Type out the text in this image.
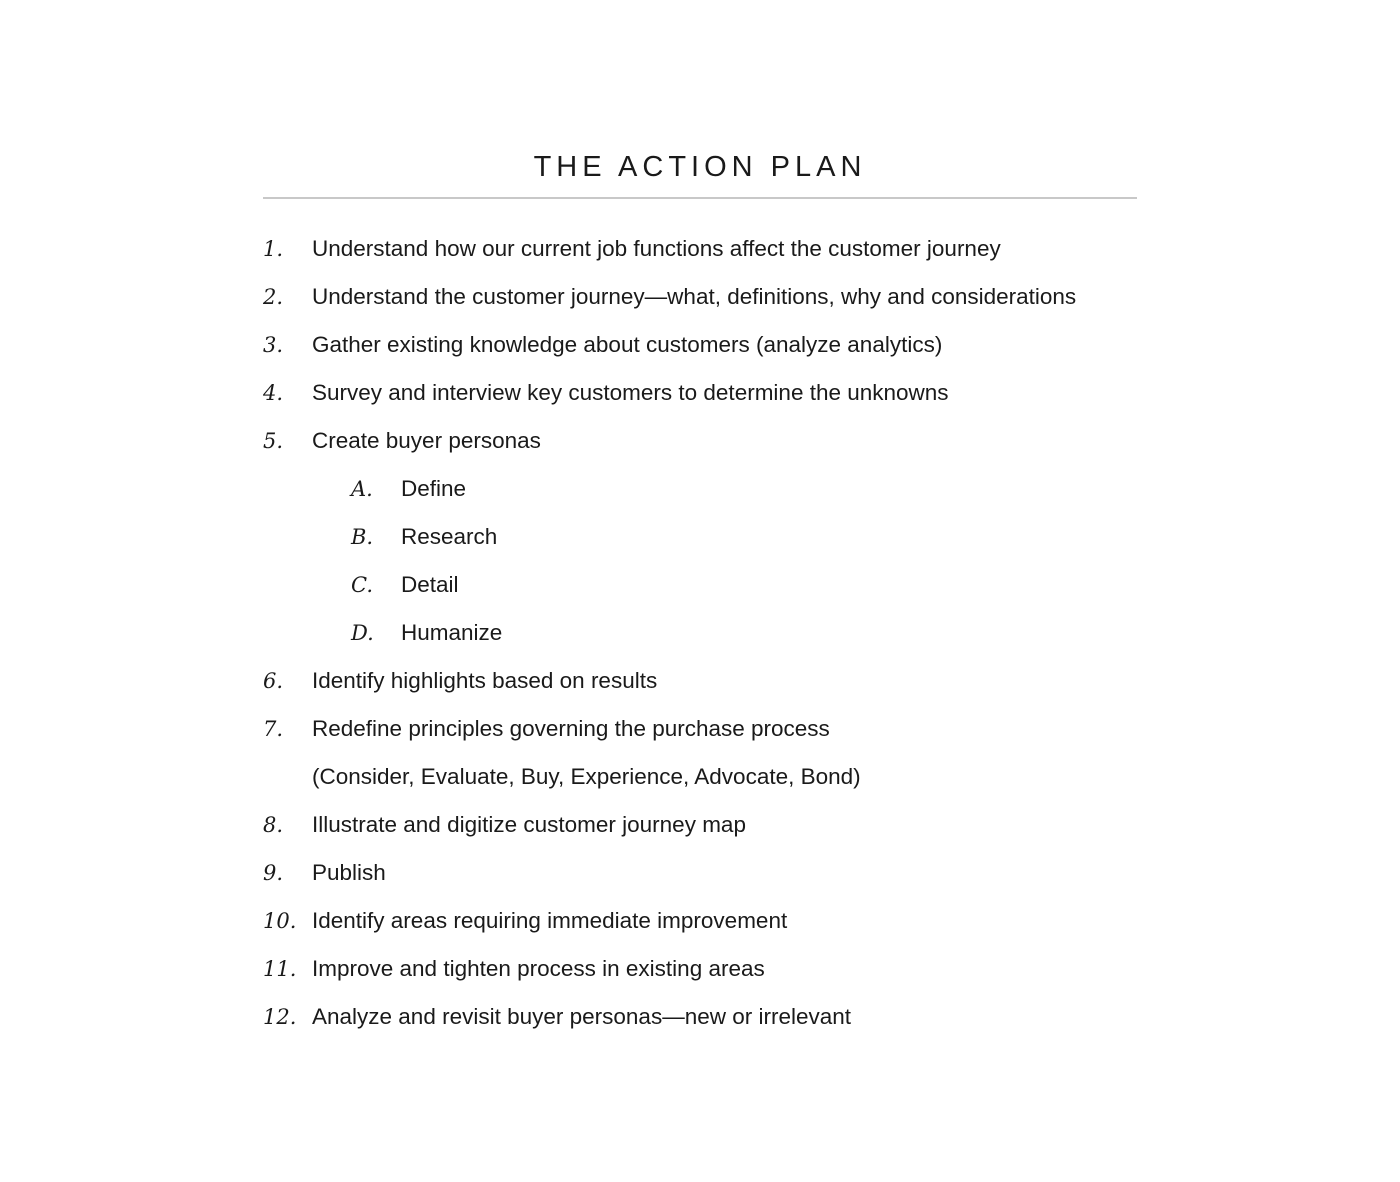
THE ACTION PLAN
1. Understand how our current job functions affect the customer journey
2. Understand the customer journey—what, definitions, why and considerations
3. Gather existing knowledge about customers (analyze analytics)
4. Survey and interview key customers to determine the unknowns
5. Create buyer personas
A. Define
B. Research
C. Detail
D. Humanize
6. Identify highlights based on results
7. Redefine principles governing the purchase process
(Consider, Evaluate, Buy, Experience, Advocate, Bond)
8. Illustrate and digitize customer journey map
9. Publish
10. Identify areas requiring immediate improvement
11. Improve and tighten process in existing areas
12. Analyze and revisit buyer personas—new or irrelevant
